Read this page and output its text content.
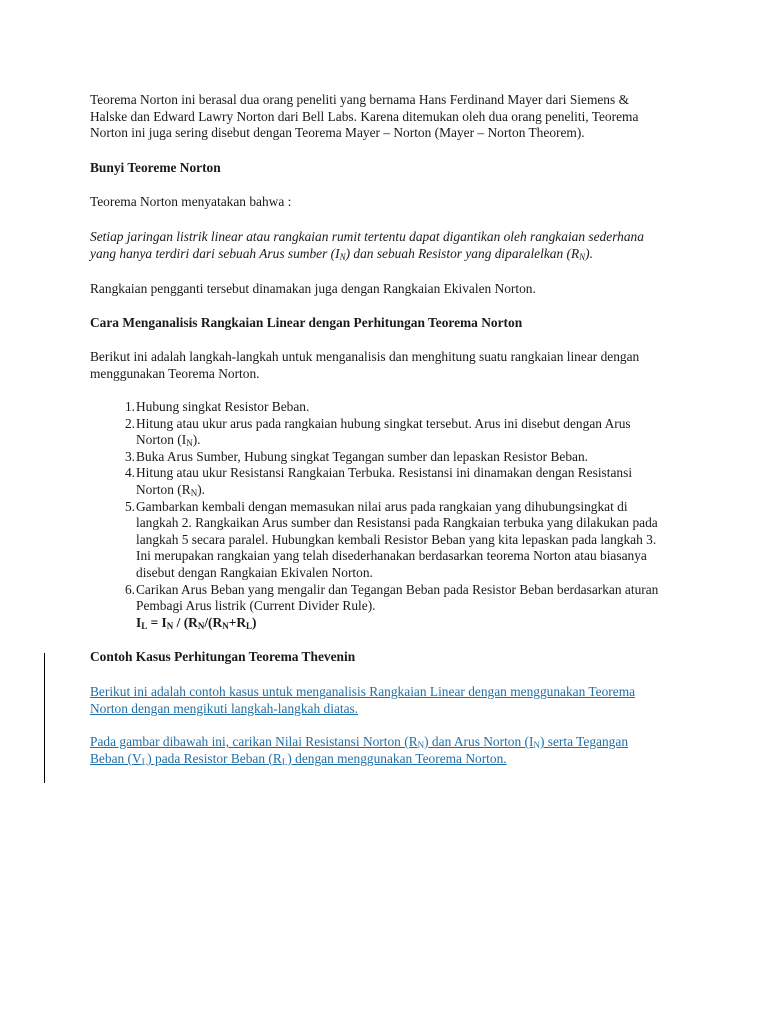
Teorema Norton ini berasal dua orang peneliti yang bernama Hans Ferdinand Mayer dari Siemens &
Halske dan Edward Lawry Norton dari Bell Labs. Karena ditemukan oleh dua orang peneliti, Teorema
Norton ini juga sering disebut dengan Teorema Mayer – Norton (Mayer – Norton Theorem).
Bunyi Teoreme Norton
Teorema Norton menyatakan bahwa :
Setiap jaringan listrik linear atau rangkaian rumit tertentu dapat digantikan oleh rangkaian sederhana
yang hanya terdiri dari sebuah Arus sumber $(I_N)$ dan sebuah Resistor yang diparalelkan $(R_N)$.
Rangkaian pengganti tersebut dinamakan juga dengan Rangkaian Ekivalen Norton.
Cara Menganalisis Rangkaian Linear dengan Perhitungan Teorema Norton
Berikut ini adalah langkah-langkah untuk menganalisis dan menghitung suatu rangkaian linear dengan
menggunakan Teorema Norton.
1. Hubung singkat Resistor Beban.
2. Hitung atau ukur arus pada rangkaian hubung singkat tersebut. Arus ini disebut dengan Arus
Norton $(I_N)$.
3. Buka Arus Sumber, Hubung singkat Tegangan sumber dan lepaskan Resistor Beban.
4. Hitung atau ukur Resistansi Rangkaian Terbuka. Resistansi ini dinamakan dengan Resistansi
Norton $(R_N)$.
5. Gambarkan kembali dengan memasukan nilai arus pada rangkaian yang dihubungsingkat di
langkah 2. Rangkaikan Arus sumber dan Resistansi pada Rangkaian terbuka yang dilakukan pada
langkah 5 secara paralel. Hubungkan kembali Resistor Beban yang kita lepaskan pada langkah 3.
Ini merupakan rangkaian yang telah disederhanakan berdasarkan teorema Norton atau biasanya
disebut dengan Rangkaian Ekivalen Norton.
6. Carikan Arus Beban yang mengalir dan Tegangan Beban pada Resistor Beban berdasarkan aturan
Pembagi Arus listrik (Current Divider Rule).
$I_L = I_N / (R_N/(R_N+R_L)$
Contoh Kasus Perhitungan Teorema Thevenin
Berikut ini adalah contoh kasus untuk menganalisis Rangkaian Linear dengan menggunakan Teorema
Norton dengan mengikuti langkah-langkah diatas.
Pada gambar dibawah ini, carikan Nilai Resistansi Norton $(R_N)$ dan Arus Norton $(I_N)$ serta Tegangan
Beban $(V_L)$ pada Resistor Beban $(R_L)$ dengan menggunakan Teorema Norton.
